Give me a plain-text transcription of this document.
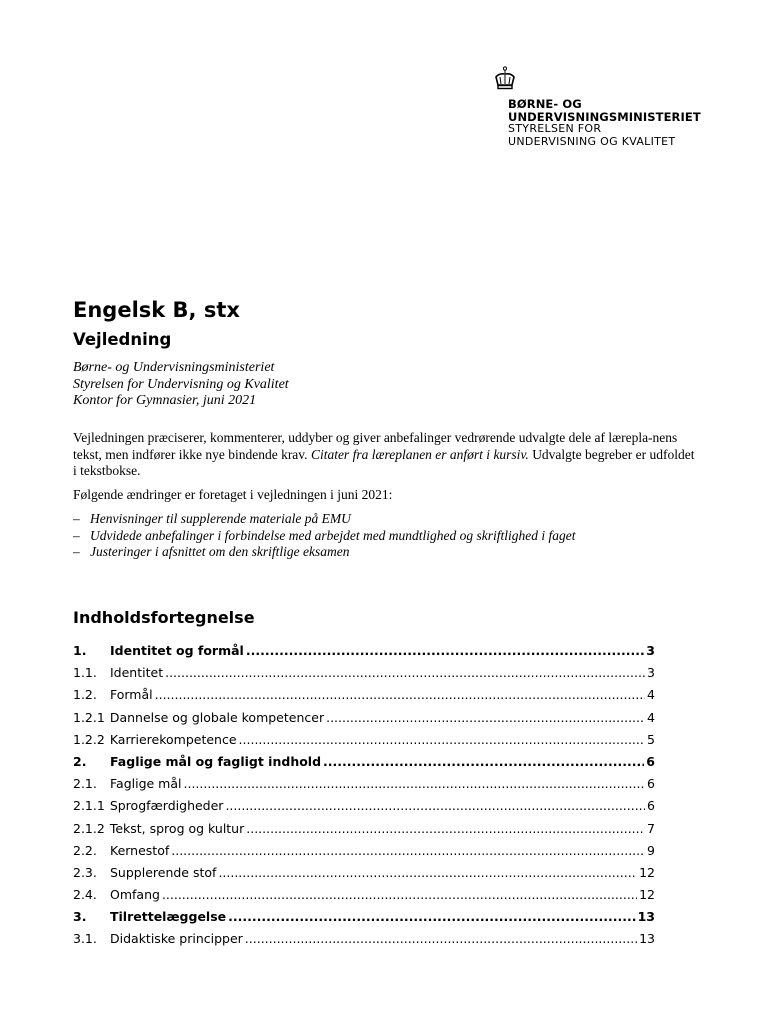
BØRNE- OG
UNDERVISNINGSMINISTERIET
STYRELSEN FOR
UNDERVISNING OG KVALITET
Engelsk B, stx
Vejledning
Børne- og Undervisningsministeriet
Styrelsen for Undervisning og Kvalitet
Kontor for Gymnasier, juni 2021

Vejledningen præciserer, kommenterer, uddyber og giver anbefalinger vedrørende udvalgte dele af lærepla-nens tekst, men indfører ikke nye bindende krav. Citater fra læreplanen er anført i kursiv. Udvalgte begreber er udfoldet i tekstbokse.

Følgende ændringer er foretaget i vejledningen i juni 2021:
– Henvisninger til supplerende materiale på EMU
– Udvidede anbefalinger i forbindelse med arbejdet med mundtlighed og skriftlighed i faget
– Justeringer i afsnittet om den skriftlige eksamen
Indholdsfortegnelse
1.	Identitet og formål .....	3
1.1.	Identitet .....	3
1.2.	Formål .....	4
1.2.1 Dannelse og globale kompetencer .....	4
1.2.2 Karrierekompetence .....	5
2.	Faglige mål og fagligt indhold .....	6
2.1.	Faglige mål .....	6
2.1.1 Sprogfærdigheder .....	6
2.1.2 Tekst, sprog og kultur .....	7
2.2.	Kernestof .....	9
2.3.	Supplerende stof .....	12
2.4.	Omfang .....	12
3.	Tilrettelæggelse .....	13
3.1.	Didaktiske principper .....	13
